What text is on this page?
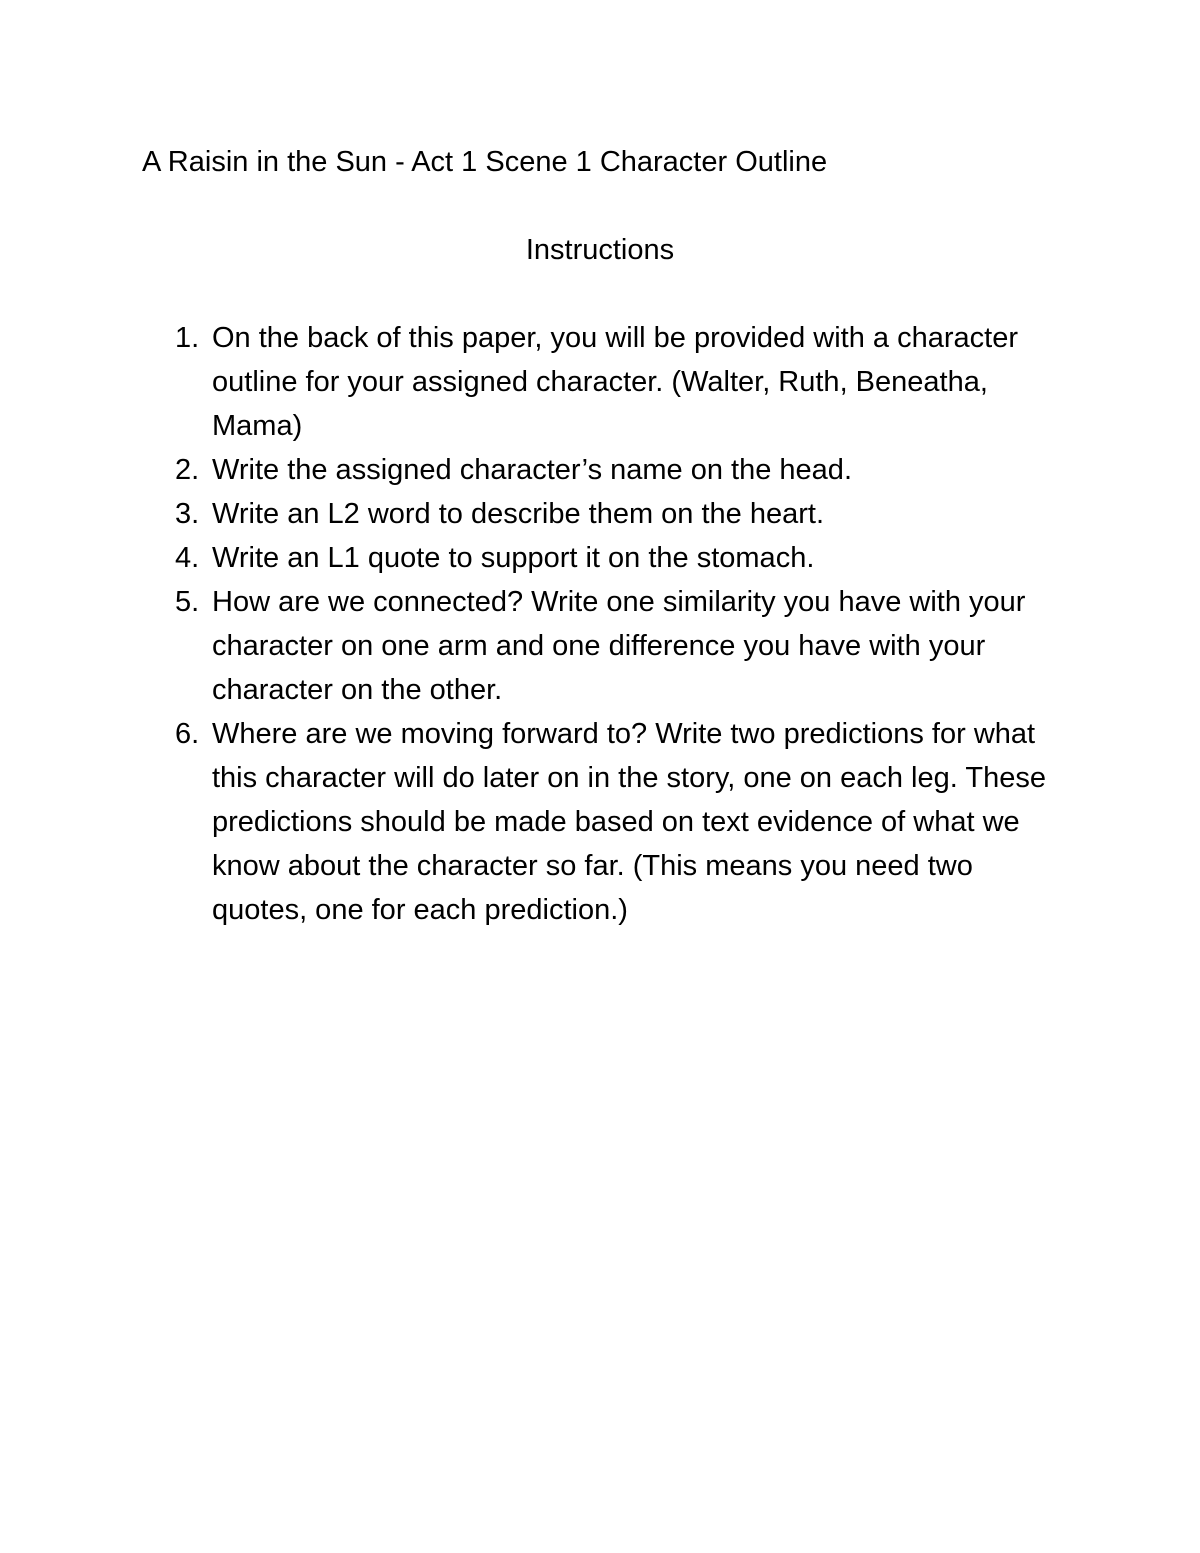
A Raisin in the Sun - Act 1 Scene 1 Character Outline
Instructions
1. On the back of this paper, you will be provided with a character outline for your assigned character. (Walter, Ruth, Beneatha, Mama)
2. Write the assigned character’s name on the head.
3. Write an L2 word to describe them on the heart.
4. Write an L1 quote to support it on the stomach.
5. How are we connected? Write one similarity you have with your character on one arm and one difference you have with your character on the other.
6. Where are we moving forward to? Write two predictions for what this character will do later on in the story, one on each leg. These predictions should be made based on text evidence of what we know about the character so far. (This means you need two quotes, one for each prediction.)
